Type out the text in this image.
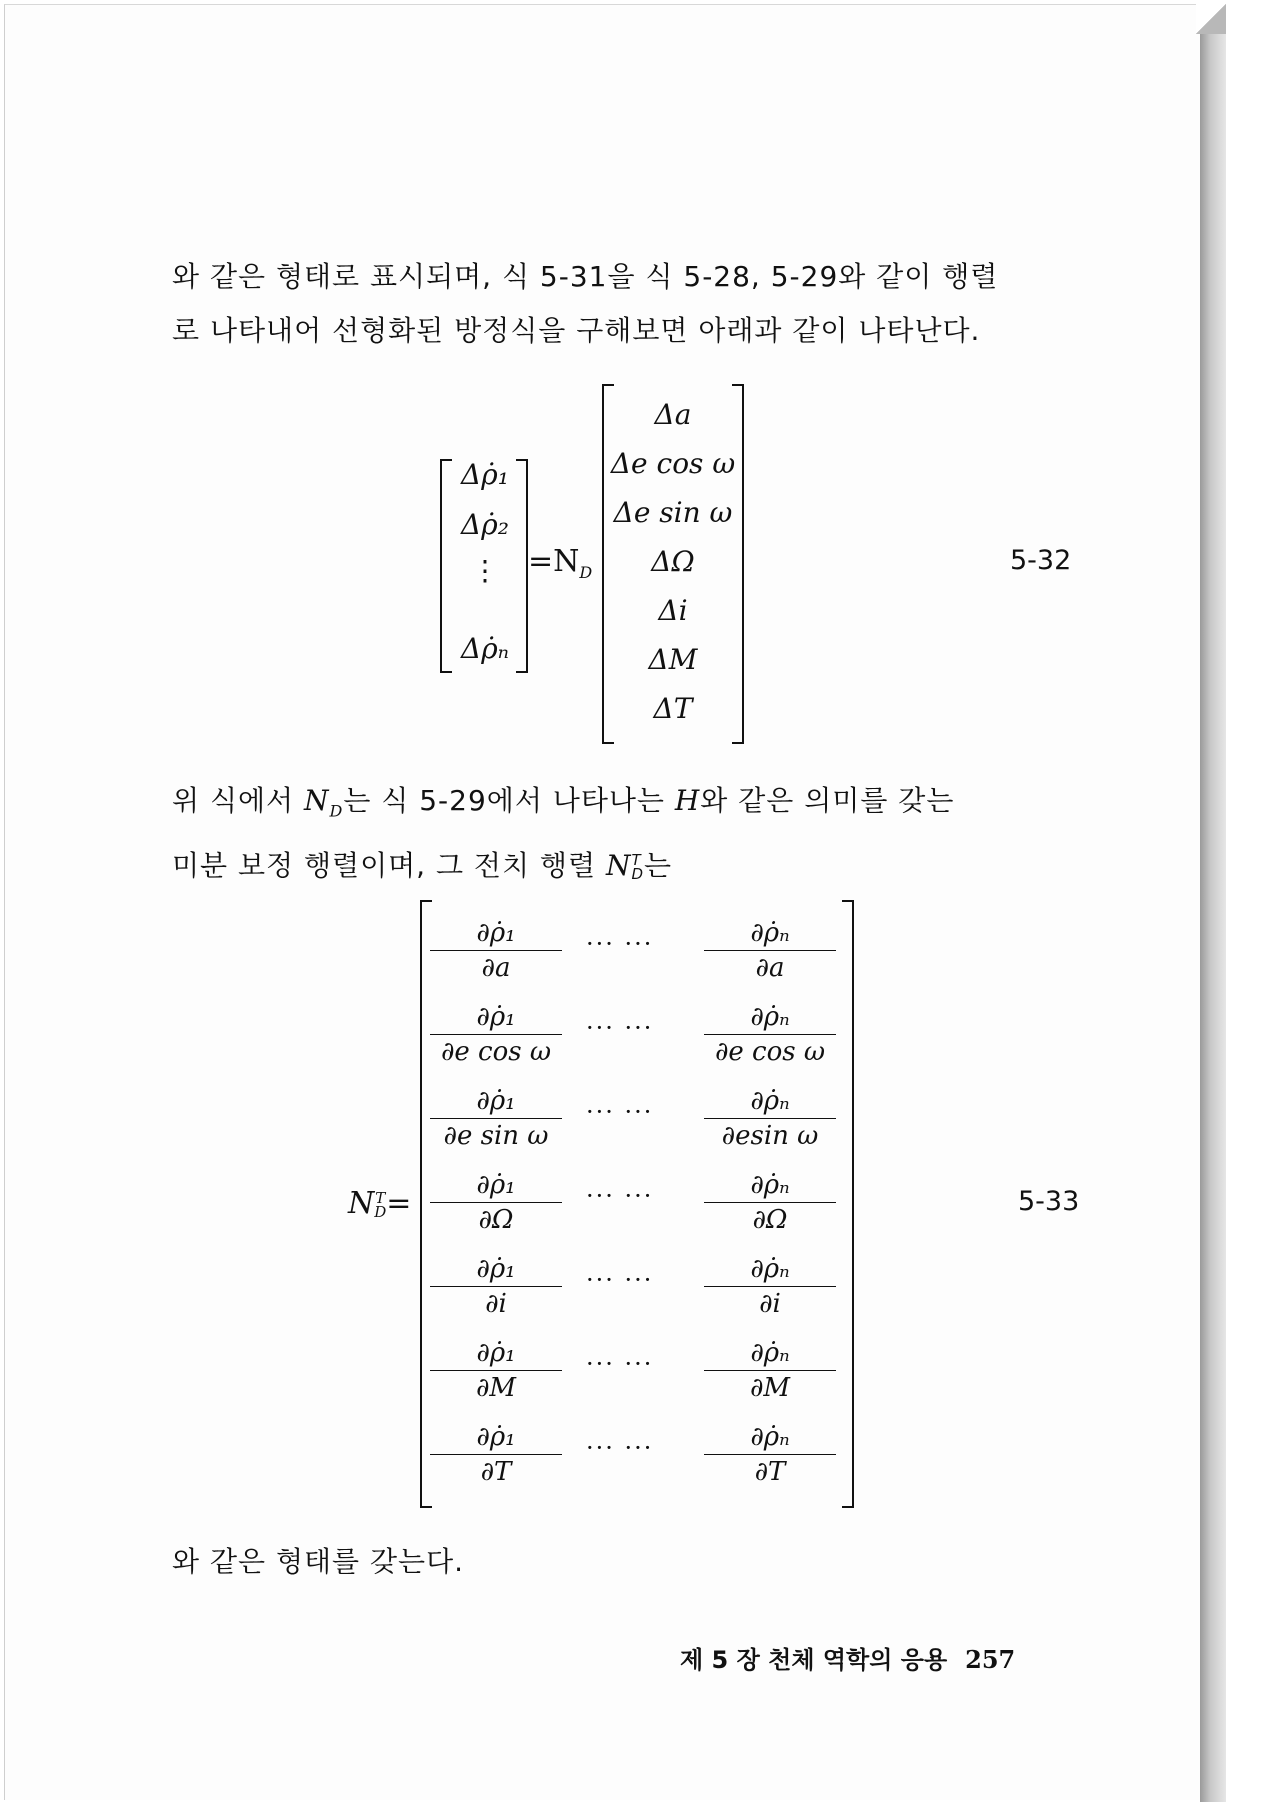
와 같은 형태로 표시되며, 식 5-31을 식 5-28, 5-29와 같이 행렬
로 나타내어 선형화된 방정식을 구해보면 아래과 같이 나타난다.
Δρ̇₁
Δρ̇₂
⋮
Δρ̇ₙ
$=N_D$
Δa
Δe cos ω
Δe sin ω
ΔΩ
Δi
ΔM
ΔT
5-32
위 식에서 $N_D$는 식 5-29에서 나타나는 H와 같은 의미를 갖는
미분 보정 행렬이며, 그 전치 행렬 N T
D 는
N T
D =
$\frac{\text{∂ρ̇₁}}{\partial a}$ ··· ··· $\frac{\text{∂ρ̇ₙ}}{\partial a}$
$\frac{\text{∂ρ̇₁}}{\text{∂e cos ω}}$ ··· ··· $\frac{\text{∂ρ̇ₙ}}{\text{∂e cos ω}}$
$\frac{\text{∂ρ̇₁}}{\text{∂e sin ω}}$ ··· ··· $\frac{\text{∂ρ̇ₙ}}{\text{∂esin ω}}$
$\frac{\text{∂ρ̇₁}}{\partial\Omega}$ ··· ··· $\frac{\text{∂ρ̇ₙ}}{\partial\Omega}$
$\frac{\text{∂ρ̇₁}}{\partial i}$ ··· ··· $\frac{\text{∂ρ̇ₙ}}{\partial i}$
$\frac{\text{∂ρ̇₁}}{\partial M}$ ··· ··· $\frac{\text{∂ρ̇ₙ}}{\partial M}$
$\frac{\text{∂ρ̇₁}}{\partial T}$ ··· ··· $\frac{\text{∂ρ̇ₙ}}{\partial T}$
5-33
와 같은 형태를 갖는다.
제 5 장 천체 역학의 응용 257
